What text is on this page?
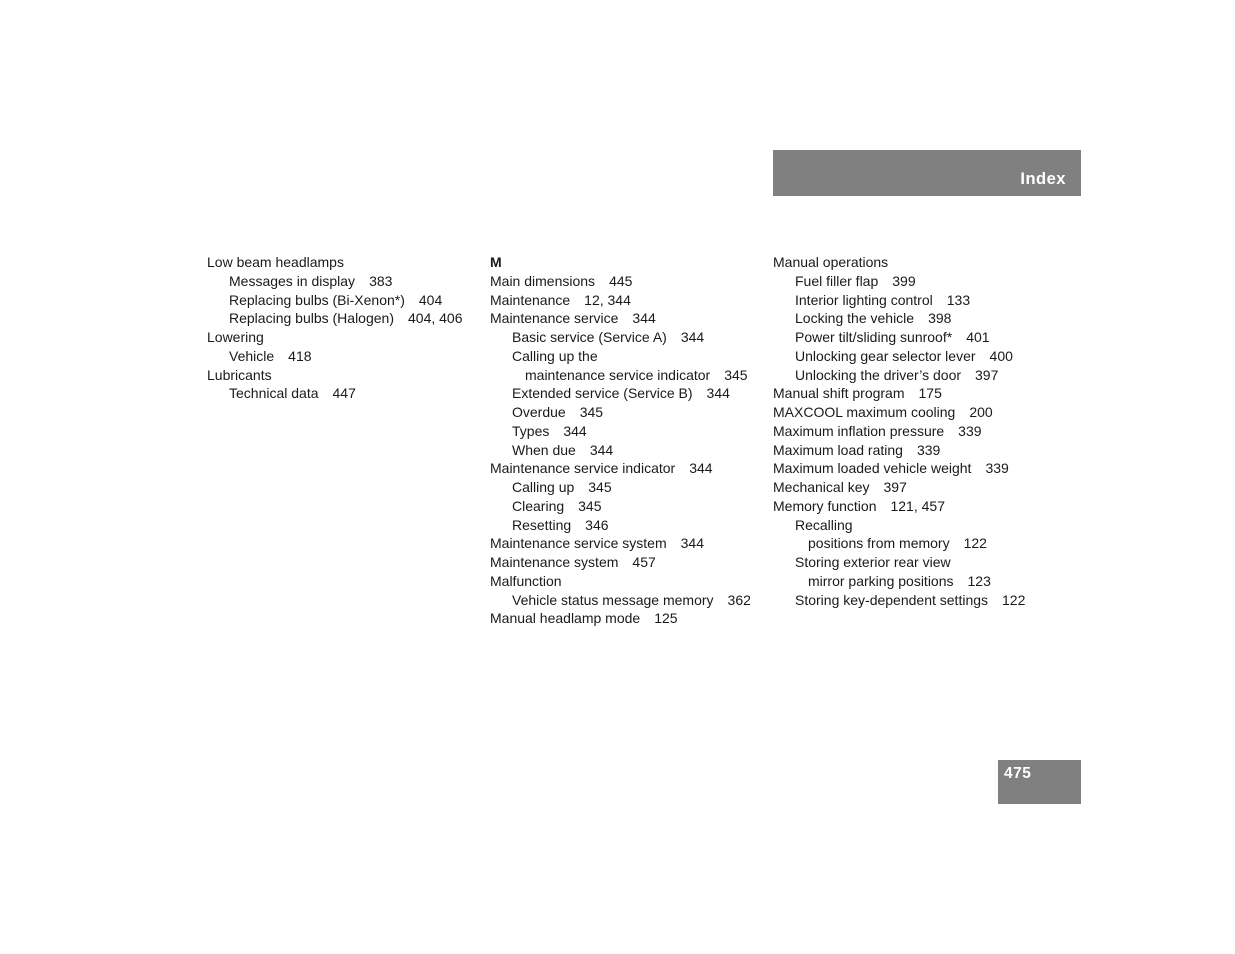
Index
Low beam headlamps
Messages in display 383
Replacing bulbs (Bi-Xenon*) 404
Replacing bulbs (Halogen) 404, 406
Lowering
Vehicle 418
Lubricants
Technical data 447
M
Main dimensions 445
Maintenance 12, 344
Maintenance service 344
Basic service (Service A) 344
Calling up the
maintenance service indicator 345
Extended service (Service B) 344
Overdue 345
Types 344
When due 344
Maintenance service indicator 344
Calling up 345
Clearing 345
Resetting 346
Maintenance service system 344
Maintenance system 457
Malfunction
Vehicle status message memory 362
Manual headlamp mode 125
Manual operations
Fuel filler flap 399
Interior lighting control 133
Locking the vehicle 398
Power tilt/sliding sunroof* 401
Unlocking gear selector lever 400
Unlocking the driver’s door 397
Manual shift program 175
MAXCOOL maximum cooling 200
Maximum inflation pressure 339
Maximum load rating 339
Maximum loaded vehicle weight 339
Mechanical key 397
Memory function 121, 457
Recalling
positions from memory 122
Storing exterior rear view
mirror parking positions 123
Storing key-dependent settings 122
475
